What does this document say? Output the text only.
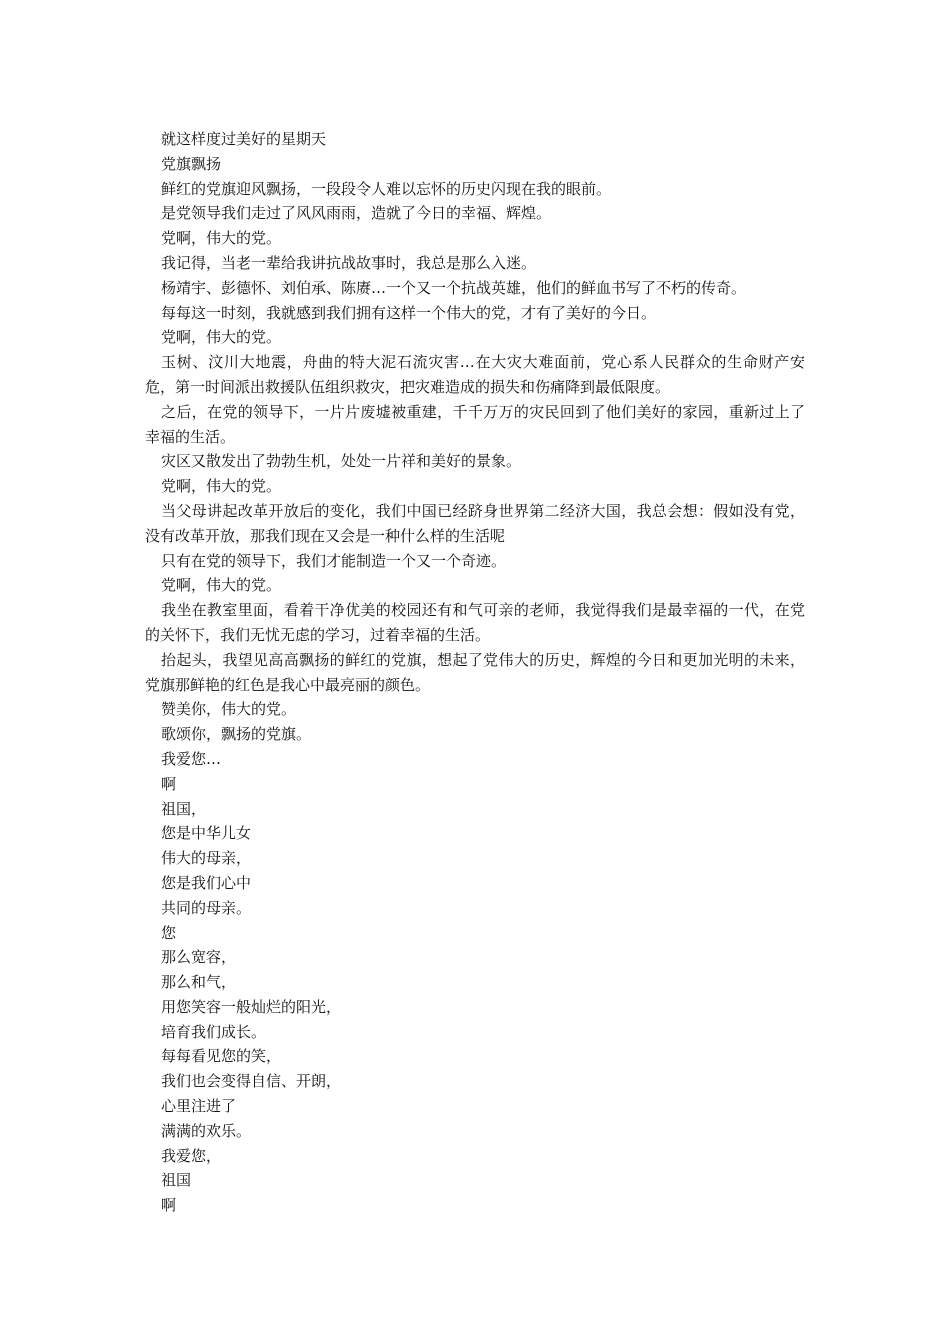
就这样度过美好的星期天

党旗飘扬

鲜红的党旗迎风飘扬，一段段令人难以忘怀的历史闪现在我的眼前。

是党领导我们走过了风风雨雨，造就了今日的幸福、辉煌。

党啊，伟大的党。

我记得，当老一辈给我讲抗战故事时，我总是那么入迷。

杨靖宇、彭德怀、刘伯承、陈赓…一个又一个抗战英雄，他们的鲜血书写了不朽的传奇。

每每这一时刻，我就感到我们拥有这样一个伟大的党，才有了美好的今日。

党啊，伟大的党。

玉树、汶川大地震，舟曲的特大泥石流灾害…在大灾大难面前，党心系人民群众的生命财产安危，第一时间派出救援队伍组织救灾，把灾难造成的损失和伤痛降到最低限度。

之后，在党的领导下，一片片废墟被重建，千千万万的灾民回到了他们美好的家园，重新过上了幸福的生活。

灾区又散发出了勃勃生机，处处一片祥和美好的景象。

党啊，伟大的党。

当父母讲起改革开放后的变化，我们中国已经跻身世界第二经济大国，我总会想：假如没有党，没有改革开放，那我们现在又会是一种什么样的生活呢

只有在党的领导下，我们才能制造一个又一个奇迹。

党啊，伟大的党。

我坐在教室里面，看着干净优美的校园还有和气可亲的老师，我觉得我们是最幸福的一代，在党的关怀下，我们无忧无虑的学习，过着幸福的生活。

抬起头，我望见高高飘扬的鲜红的党旗，想起了党伟大的历史，辉煌的今日和更加光明的未来，党旗那鲜艳的红色是我心中最亮丽的颜色。

赞美你，伟大的党。

歌颂你，飘扬的党旗。

我爱您…

啊

祖国，

您是中华儿女

伟大的母亲，

您是我们心中

共同的母亲。

您

那么宽容，

那么和气，

用您笑容一般灿烂的阳光，

培育我们成长。

每每看见您的笑，

我们也会变得自信、开朗，

心里注进了

满满的欢乐。

我爱您，

祖国

啊
